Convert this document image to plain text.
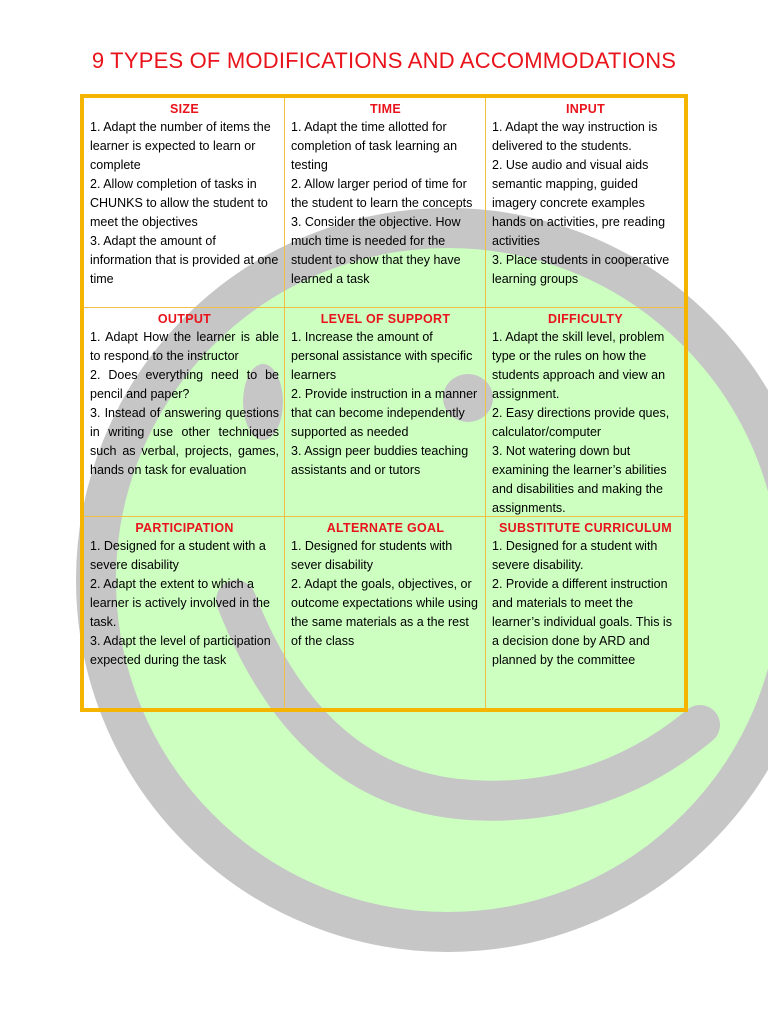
9 TYPES OF MODIFICATIONS AND ACCOMMODATIONS
SIZE
1. Adapt the number of items the learner is expected to learn or complete
2. Allow completion of tasks in CHUNKS to allow the student to meet the objectives
3. Adapt the amount of information that is provided at one time
TIME
1. Adapt the time allotted for completion of task learning an testing
2. Allow larger period of time for the student to learn the concepts
3. Consider the objective. How much time is needed for the student to show that they have learned a task
INPUT
1. Adapt the way instruction is delivered to the students.
2. Use audio and visual aids semantic mapping, guided imagery concrete examples hands on activities, pre reading activities
3. Place students in cooperative learning groups
OUTPUT
1. Adapt How the learner is able to respond to the instructor
2. Does everything need to be pencil and paper?
3. Instead of answering questions in writing use other techniques such as verbal, projects, games, hands on task for evaluation
LEVEL OF SUPPORT
1. Increase the amount of personal assistance with specific learners
2. Provide instruction in a manner that can become independently supported as needed
3. Assign peer buddies teaching assistants and or tutors
DIFFICULTY
1. Adapt the skill level, problem type or the rules on how the students approach and view an assignment.
2. Easy directions provide ques, calculator/computer
3. Not watering down but examining the learner’s abilities and disabilities and making the assignments.
PARTICIPATION
1. Designed for a student with a severe disability
2. Adapt the extent to which a learner is actively involved in the task.
3. Adapt the level of participation expected during the task
ALTERNATE GOAL
1. Designed for students with sever disability
2. Adapt the goals, objectives, or outcome expectations while using the same materials as a the rest of the class
SUBSTITUTE CURRICULUM
1. Designed for a student with severe disability.
2. Provide a different instruction and materials to meet the learner’s individual goals. This is a decision done by ARD and planned by the committee
